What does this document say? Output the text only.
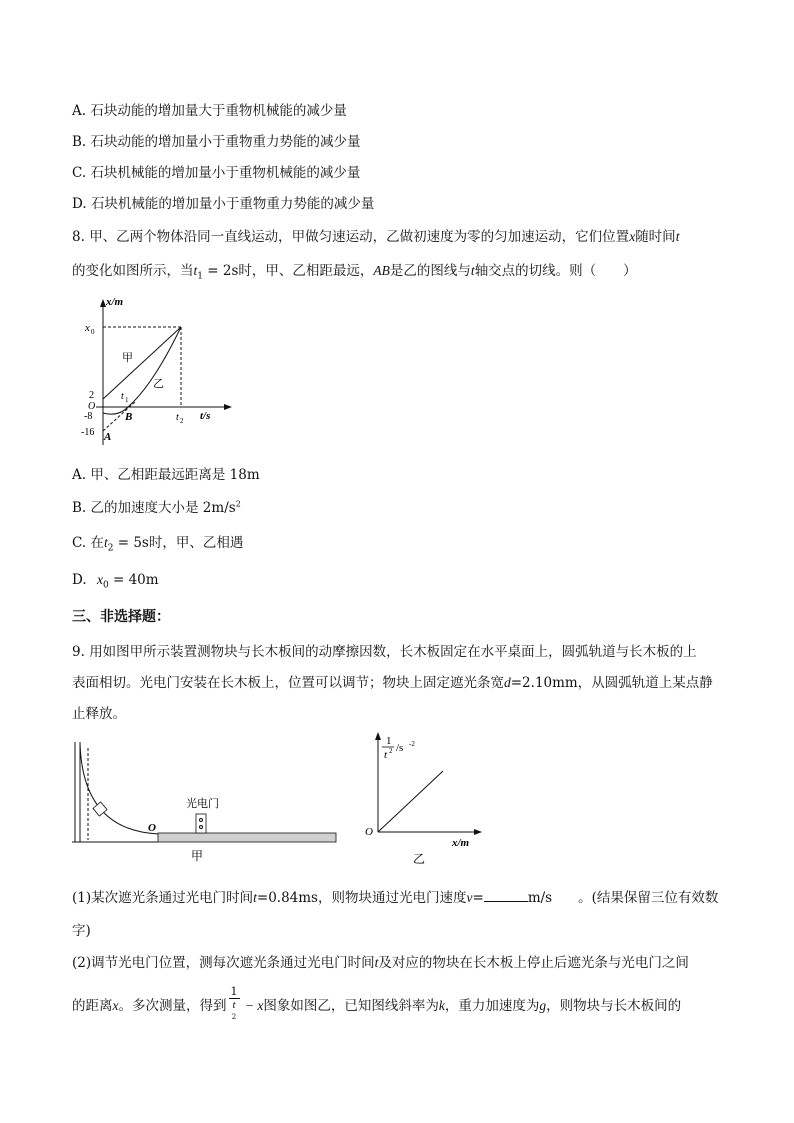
A. 石块动能的增加量大于重物机械能的减少量
B. 石块动能的增加量小于重物重力势能的减少量
C. 石块机械能的增加量小于重物机械能的减少量
D. 石块机械能的增加量小于重物重力势能的减少量
8. 甲、乙两个物体沿同一直线运动，甲做匀速运动，乙做初速度为零的匀加速运动，它们位置x随时间t
的变化如图所示，当$t_1 = 2s$时，甲、乙相距最远，AB是乙的图线与t轴交点的切线。则（　　）
x/m
t/s
x 0
甲
乙
2
O
-8
-16 A
B
t 1
t 2
A. 甲、乙相距最远距离是 18m
B. 乙的加速度大小是 $2m/s^2$
C. 在$t_2 = 5s$时，甲、乙相遇
D. $x_0 = 40m$
三、非选择题：
9. 用如图甲所示装置测物块与长木板间的动摩擦因数，长木板固定在水平桌面上，圆弧轨道与长木板的上
表面相切。光电门安装在长木板上，位置可以调节；物块上固定遮光条宽d=2.10mm，从圆弧轨道上某点静
止释放。
光电门
O
甲
1
t 2 /s -2
O
x/m
乙
(1)某次遮光条通过光电门时间t=0.84ms，则物块通过光电门速度v=	m/s 。(结果保留三位有效数
字)
(2)调节光电门位置，测每次遮光条通过光电门时间t及对应的物块在长木板上停止后遮光条与光电门之间
的距离x。多次测量，得到 1
t
$^2$ − x图象如图乙，已知图线斜率为k，重力加速度为g，则物块与长木板间的
